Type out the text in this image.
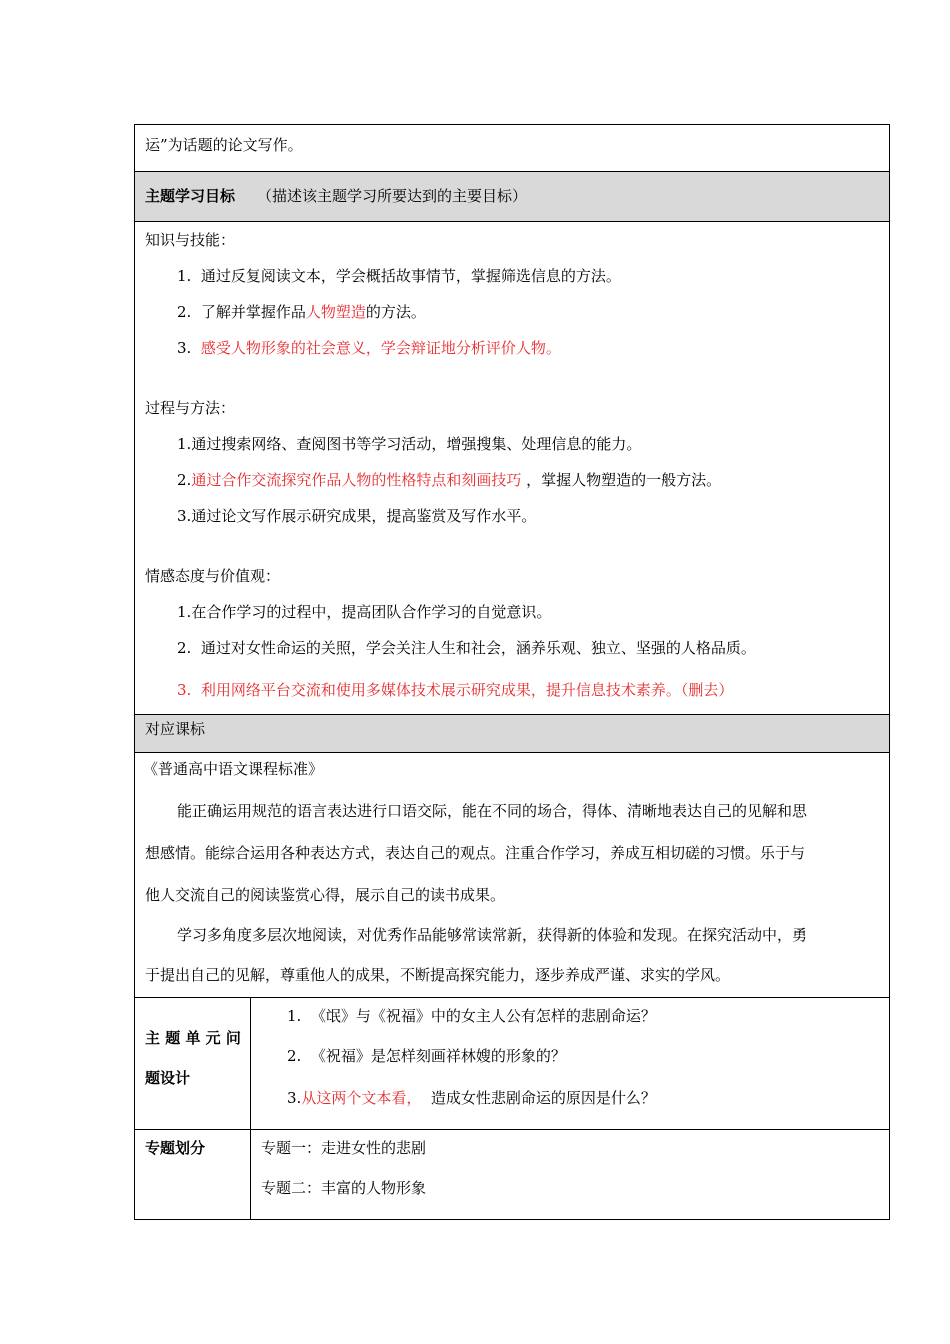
运”为话题的论文写作。
主题学习目标 （描述该主题学习所要达到的主要目标）
知识与技能：
1. 通过反复阅读文本，学会概括故事情节，掌握筛选信息的方法。
2. 了解并掌握作品人物塑造的方法。
3. 感受人物形象的社会意义，学会辩证地分析评价人物。
过程与方法：
1.通过搜索网络、查阅图书等学习活动，增强搜集、处理信息的能力。
2.通过合作交流探究作品人物的性格特点和刻画技巧 ，掌握人物塑造的一般方法。
3.通过论文写作展示研究成果，提高鉴赏及写作水平。
情感态度与价值观：
1.在合作学习的过程中，提高团队合作学习的自觉意识。
2. 通过对女性命运的关照，学会关注人生和社会，涵养乐观、独立、坚强的人格品质。
3. 利用网络平台交流和使用多媒体技术展示研究成果，提升信息技术素养。（删去）
对应课标
《普通高中语文课程标准》
能正确运用规范的语言表达进行口语交际，能在不同的场合，得体、清晰地表达自己的见解和思
想感情。能综合运用各种表达方式，表达自己的观点。注重合作学习，养成互相切磋的习惯。乐于与
他人交流自己的阅读鉴赏心得，展示自己的读书成果。
学习多角度多层次地阅读，对优秀作品能够常读常新，获得新的体验和发现。在探究活动中，勇
于提出自己的见解，尊重他人的成果，不断提高探究能力，逐步养成严谨、求实的学风。
主 题 单 元 问
题设计
1. 《氓》与《祝福》中的女主人公有怎样的悲剧命运？
2. 《祝福》是怎样刻画祥林嫂的形象的？
3.从这两个文本看， 造成女性悲剧命运的原因是什么？
专题划分	专题一：走进女性的悲剧
专题二：丰富的人物形象
